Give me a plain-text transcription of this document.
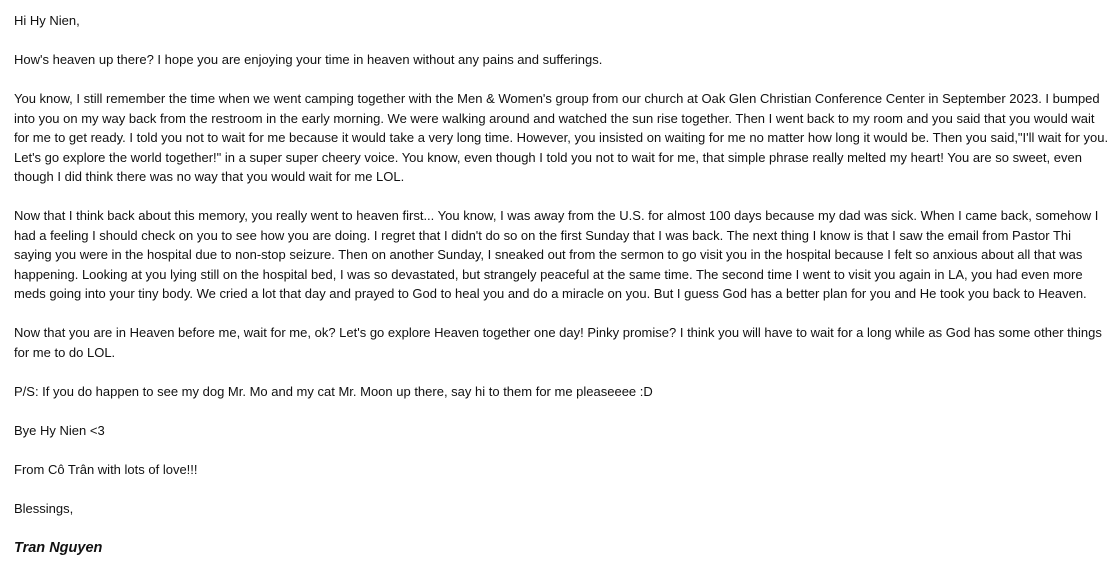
Hi Hy Nien,

How's heaven up there? I hope you are enjoying your time in heaven without any pains and sufferings.

You know, I still remember the time when we went camping together with the Men & Women's group from our church at Oak Glen Christian Conference Center in September 2023. I bumped into you on my way back from the restroom in the early morning. We were walking around and watched the sun rise together. Then I went back to my room and you said that you would wait for me to get ready. I told you not to wait for me because it would take a very long time. However, you insisted on waiting for me no matter how long it would be. Then you said,"I'll wait for you. Let's go explore the world together!" in a super super cheery voice. You know, even though I told you not to wait for me, that simple phrase really melted my heart! You are so sweet, even though I did think there was no way that you would wait for me LOL.

Now that I think back about this memory, you really went to heaven first... You know, I was away from the U.S. for almost 100 days because my dad was sick. When I came back, somehow I had a feeling I should check on you to see how you are doing. I regret that I didn't do so on the first Sunday that I was back. The next thing I know is that I saw the email from Pastor Thi saying you were in the hospital due to non-stop seizure. Then on another Sunday, I sneaked out from the sermon to go visit you in the hospital because I felt so anxious about all that was happening. Looking at you lying still on the hospital bed, I was so devastated, but strangely peaceful at the same time. The second time I went to visit you again in LA, you had even more meds going into your tiny body. We cried a lot that day and prayed to God to heal you and do a miracle on you. But I guess God has a better plan for you and He took you back to Heaven.

Now that you are in Heaven before me, wait for me, ok? Let's go explore Heaven together one day! Pinky promise? I think you will have to wait for a long while as God has some other things for me to do LOL.

P/S: If you do happen to see my dog Mr. Mo and my cat Mr. Moon up there, say hi to them for me pleaseeee :D

Bye Hy Nien <3

From Cô Trân with lots of love!!!

Blessings,

Tran Nguyen
